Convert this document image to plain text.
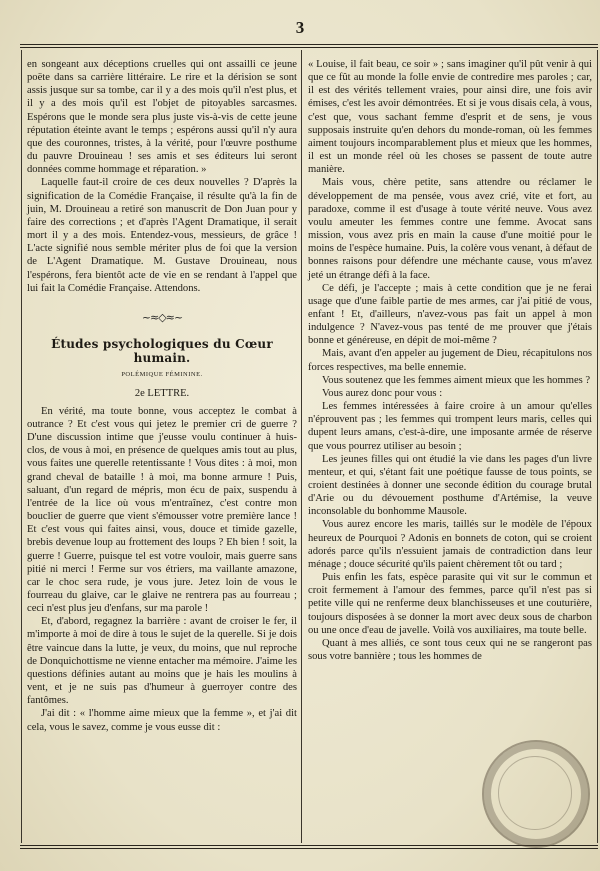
3

en songeant aux déceptions cruelles qui ont assailli ce jeune poëte dans sa carrière littéraire. Le rire et la dérision se sont assis jusque sur sa tombe, car il y a des mois qu'il n'est plus, et il y a des mois qu'il est l'objet de pitoyables sarcasmes. Espérons que le monde sera plus juste vis-à-vis de cette jeune réputation éteinte avant le temps ; espérons aussi qu'il n'y aura que des couronnes, tristes, à la vérité, pour l'œuvre posthume du pauvre Drouineau ! ses amis et ses éditeurs lui seront données comme hommage et réparation. »

Laquelle faut-il croire de ces deux nouvelles ? D'après la signification de la Comédie Française, il résulte qu'à la fin de juin, M. Drouineau a retiré son manuscrit de Don Juan pour y faire des corrections ; et d'après l'Agent Dramatique, il serait mort il y a des mois. Entendez-vous, messieurs, de grâce ! L'acte signifié nous semble mériter plus de foi que la version de L'Agent Dramatique. M. Gustave Drouineau, nous l'espérons, fera bientôt acte de vie en se rendant à l'appel que lui fait la Comédie Française. Attendons.

~≈◇≈~
Études psychologiques du Cœur humain.
POLÉMIQUE FÉMININE.
2e LETTRE.

En vérité, ma toute bonne, vous acceptez le combat à outrance ? Et c'est vous qui jetez le premier cri de guerre ? D'une discussion intime que j'eusse voulu continuer à huis-clos, de vous à moi, en présence de quelques amis tout au plus, vous faites une querelle retentissante ! Vous dites : à moi, mon grand cheval de bataille ! à moi, ma bonne armure ! Puis, saluant, d'un regard de mépris, mon écu de paix, suspendu à l'entrée de la lice où vous m'entraînez, c'est contre mon bouclier de guerre que vient s'émousser votre première lance ! Et c'est vous qui faites ainsi, vous, douce et timide gazelle, brebis devenue loup au frottement des loups ? Eh bien ! soit, la guerre ! Guerre, puisque tel est votre vouloir, mais guerre sans pitié ni merci ! Ferme sur vos étriers, ma vaillante amazone, car le choc sera rude, je vous jure. Jetez loin de vous le fourreau du glaive, car le glaive ne rentrera pas au fourreau ; ceci n'est plus jeu d'enfans, sur ma parole !

Et, d'abord, regagnez la barrière : avant de croiser le fer, il m'importe à moi de dire à tous le sujet de la querelle. Si je dois être vaincue dans la lutte, je veux, du moins, que nul reproche de Donquichottisme ne vienne entacher ma mémoire. J'aime les questions définies autant au moins que je hais les moulins à vent, et je ne suis pas d'humeur à guerroyer contre des fantômes.

J'ai dit : « l'homme aime mieux que la femme », et j'ai dit cela, vous le savez, comme je vous eusse dit :

« Louise, il fait beau, ce soir » ; sans imaginer qu'il pût venir à qui que ce fût au monde la folle envie de contredire mes paroles ; car, il est des vérités tellement vraies, pour ainsi dire, une fois avir émises, c'est les avoir démontrées. Et si je vous disais cela, à vous, c'est que, vous sachant femme d'esprit et de sens, je vous supposais instruite qu'en dehors du monde-roman, où les femmes aiment toujours incomparablement plus et mieux que les hommes, il est un monde réel où les choses se passent de toute autre manière.

Mais vous, chère petite, sans attendre ou réclamer le développement de ma pensée, vous avez crié, vite et fort, au paradoxe, comme il est d'usage à toute vérité neuve. Vous avez voulu ameuter les femmes contre une femme. Avocat sans mission, vous avez pris en main la cause d'une moitié pour le moins de l'espèce humaine. Puis, la colère vous venant, à défaut de bonnes raisons pour défendre une méchante cause, vous m'avez jeté un étrange défi à la face.

Ce défi, je l'accepte ; mais à cette condition que je ne ferai usage que d'une faible partie de mes armes, car j'ai pitié de vous, enfant ! Et, d'ailleurs, n'avez-vous pas fait un appel à mon indulgence ? N'avez-vous pas tenté de me prouver que j'étais bonne et généreuse, en dépit de moi-même ?

Mais, avant d'en appeler au jugement de Dieu, récapitulons nos forces respectives, ma belle ennemie.

Vous soutenez que les femmes aiment mieux que les hommes ?

Vous aurez donc pour vous :

Les femmes intéressées à faire croire à un amour qu'elles n'éprouvent pas ; les femmes qui trompent leurs maris, celles qui dupent leurs amans, c'est-à-dire, une imposante armée de réserve que vous pourrez utiliser au besoin ;

Les jeunes filles qui ont étudié la vie dans les pages d'un livre menteur, et qui, s'étant fait une poétique fausse de tous points, se croient destinées à donner une seconde édition du courage brutal d'Arie ou du dévouement posthume d'Artémise, la veuve inconsolable du bonhomme Mausole.

Vous aurez encore les maris, taillés sur le modèle de l'époux heureux de Pourquoi ? Adonis en bonnets de coton, qui se croient adorés parce qu'ils n'essuient jamais de contradiction dans leur ménage ; douce sécurité qu'ils paient chèrement tôt ou tard ;

Puis enfin les fats, espèce parasite qui vit sur le commun et croit fermement à l'amour des femmes, parce qu'il n'est pas si petite ville qui ne renferme deux blanchisseuses et une couturière, toujours disposées à se donner la mort avec deux sous de charbon ou une once d'eau de javelle. Voilà vos auxiliaires, ma toute belle.

Quant à mes alliés, ce sont tous ceux qui ne se rangeront pas sous votre bannière ; tous les hommes de
